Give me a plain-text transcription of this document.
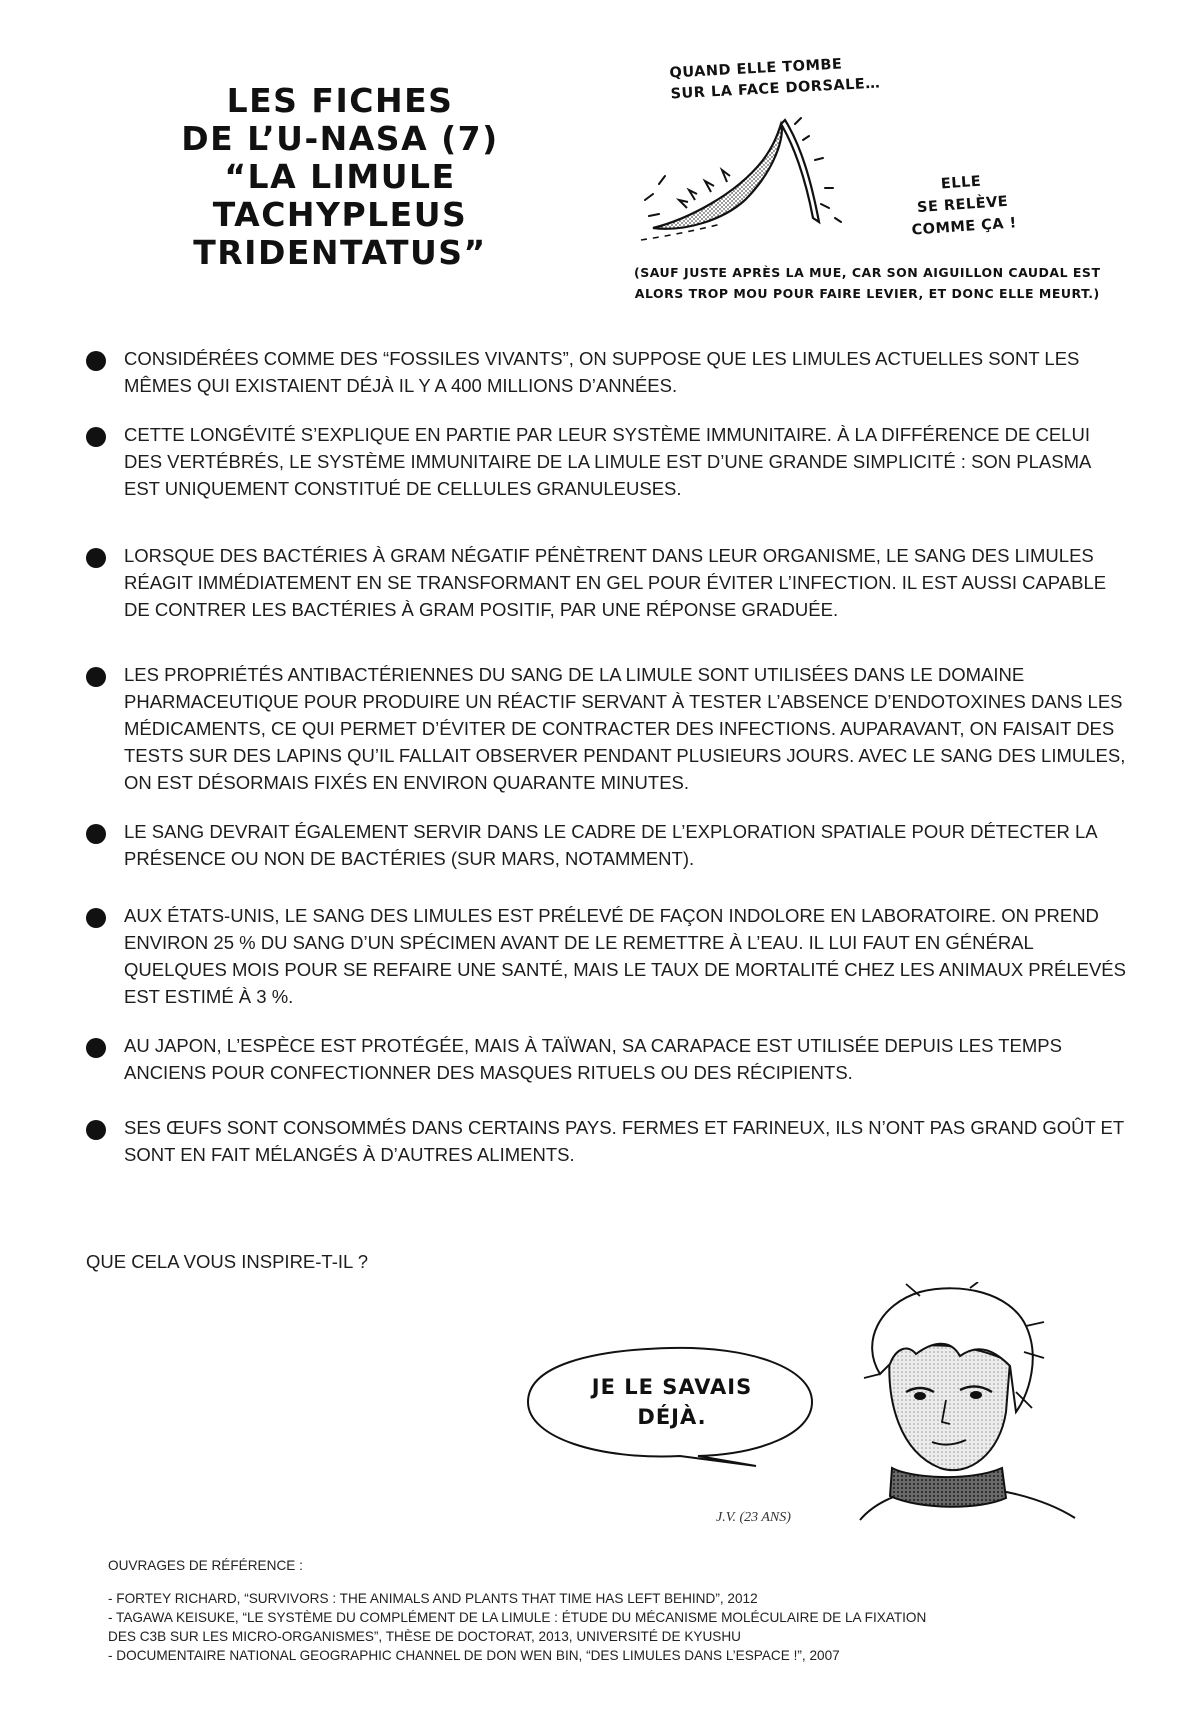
LES FICHES
DE L’U-NASA (7)
“LA LIMULE
TACHYPLEUS
TRIDENTATUS”
QUAND ELLE TOMBE
SUR LA FACE DORSALE…
ELLE
SE RELÈVE
COMME ÇA !
(SAUF JUSTE APRÈS LA MUE, CAR SON AIGUILLON CAUDAL EST
ALORS TROP MOU POUR FAIRE LEVIER, ET DONC ELLE MEURT.)
CONSIDÉRÉES COMME DES “FOSSILES VIVANTS”, ON SUPPOSE QUE LES LIMULES ACTUELLES SONT LES MÊMES QUI EXISTAIENT DÉJÀ IL Y A 400 MILLIONS D’ANNÉES.
CETTE LONGÉVITÉ S’EXPLIQUE EN PARTIE PAR LEUR SYSTÈME IMMUNITAIRE. À LA DIFFÉRENCE DE CELUI DES VERTÉBRÉS, LE SYSTÈME IMMUNITAIRE DE LA LIMULE EST D’UNE GRANDE SIMPLICITÉ : SON PLASMA EST UNIQUEMENT CONSTITUÉ DE CELLULES GRANULEUSES.
LORSQUE DES BACTÉRIES À GRAM NÉGATIF PÉNÈTRENT DANS LEUR ORGANISME, LE SANG DES LIMULES RÉAGIT IMMÉDIATEMENT EN SE TRANSFORMANT EN GEL POUR ÉVITER L’INFECTION. IL EST AUSSI CAPABLE DE CONTRER LES BACTÉRIES À GRAM POSITIF, PAR UNE RÉPONSE GRADUÉE.
LES PROPRIÉTÉS ANTIBACTÉRIENNES DU SANG DE LA LIMULE SONT UTILISÉES DANS LE DOMAINE PHARMACEUTIQUE POUR PRODUIRE UN RÉACTIF SERVANT À TESTER L’ABSENCE D’ENDOTOXINES DANS LES MÉDICAMENTS, CE QUI PERMET D’ÉVITER DE CONTRACTER DES INFECTIONS. AUPARAVANT, ON FAISAIT DES TESTS SUR DES LAPINS QU’IL FALLAIT OBSERVER PENDANT PLUSIEURS JOURS. AVEC LE SANG DES LIMULES, ON EST DÉSORMAIS FIXÉS EN ENVIRON QUARANTE MINUTES.
LE SANG DEVRAIT ÉGALEMENT SERVIR DANS LE CADRE DE L’EXPLORATION SPATIALE POUR DÉTECTER LA PRÉSENCE OU NON DE BACTÉRIES (SUR MARS, NOTAMMENT).
AUX ÉTATS-UNIS, LE SANG DES LIMULES EST PRÉLEVÉ DE FAÇON INDOLORE EN LABORATOIRE. ON PREND ENVIRON 25 % DU SANG D’UN SPÉCIMEN AVANT DE LE REMETTRE À L’EAU. IL LUI FAUT EN GÉNÉRAL QUELQUES MOIS POUR SE REFAIRE UNE SANTÉ, MAIS LE TAUX DE MORTALITÉ CHEZ LES ANIMAUX PRÉLEVÉS EST ESTIMÉ À 3 %.
AU JAPON, L’ESPÈCE EST PROTÉGÉE, MAIS À TAÏWAN, SA CARAPACE EST UTILISÉE DEPUIS LES TEMPS ANCIENS POUR CONFECTIONNER DES MASQUES RITUELS OU DES RÉCIPIENTS.
SES ŒUFS SONT CONSOMMÉS DANS CERTAINS PAYS. FERMES ET FARINEUX, ILS N’ONT PAS GRAND GOÛT ET SONT EN FAIT MÉLANGÉS À D’AUTRES ALIMENTS.
QUE CELA VOUS INSPIRE-T-IL ?
JE LE SAVAIS
DÉJÀ.
J.V. (23 ANS)
OUVRAGES DE RÉFÉRENCE :
- FORTEY RICHARD, “SURVIVORS : THE ANIMALS AND PLANTS THAT TIME HAS LEFT BEHIND”, 2012
- TAGAWA KEISUKE, “LE SYSTÈME DU COMPLÉMENT DE LA LIMULE : ÉTUDE DU MÉCANISME MOLÉCULAIRE DE LA FIXATION
DES C3B SUR LES MICRO-ORGANISMES”, THÈSE DE DOCTORAT, 2013, UNIVERSITÉ DE KYUSHU
- DOCUMENTAIRE NATIONAL GEOGRAPHIC CHANNEL DE DON WEN BIN, “DES LIMULES DANS L’ESPACE !”, 2007
